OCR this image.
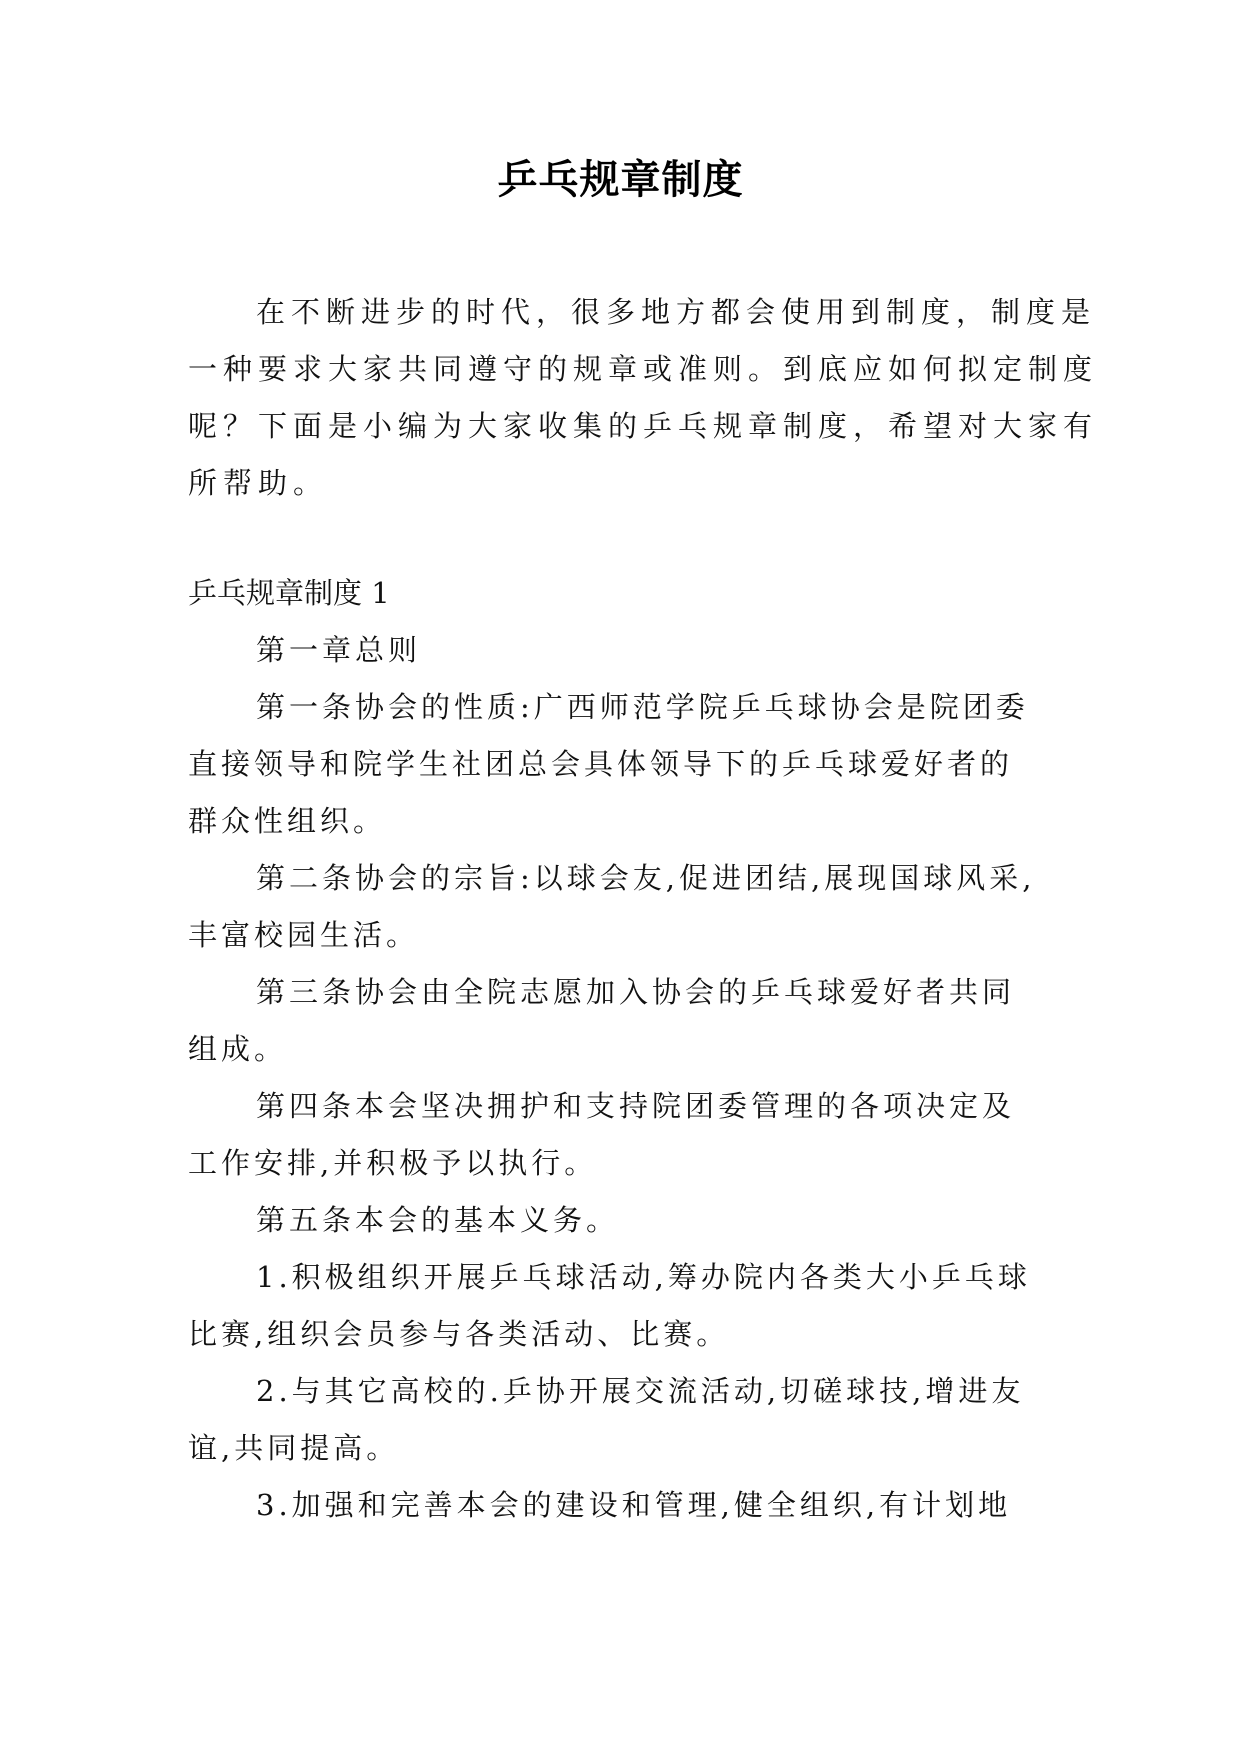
乒乓规章制度
在不断进步的时代，很多地方都会使用到制度，制度是
一种要求大家共同遵守的规章或准则。到底应如何拟定制度
呢？下面是小编为大家收集的乒乓规章制度，希望对大家有
所帮助。
乒乓规章制度 1
第一章总则
第一条协会的性质:广西师范学院乒乓球协会是院团委
直接领导和院学生社团总会具体领导下的乒乓球爱好者的
群众性组织。
第二条协会的宗旨:以球会友,促进团结,展现国球风采,
丰富校园生活。
第三条协会由全院志愿加入协会的乒乓球爱好者共同
组成。
第四条本会坚决拥护和支持院团委管理的各项决定及
工作安排,并积极予以执行。
第五条本会的基本义务。
1.积极组织开展乒乓球活动,筹办院内各类大小乒乓球
比赛,组织会员参与各类活动、比赛。
2.与其它高校的.乒协开展交流活动,切磋球技,增进友
谊,共同提高。
3.加强和完善本会的建设和管理,健全组织,有计划地
